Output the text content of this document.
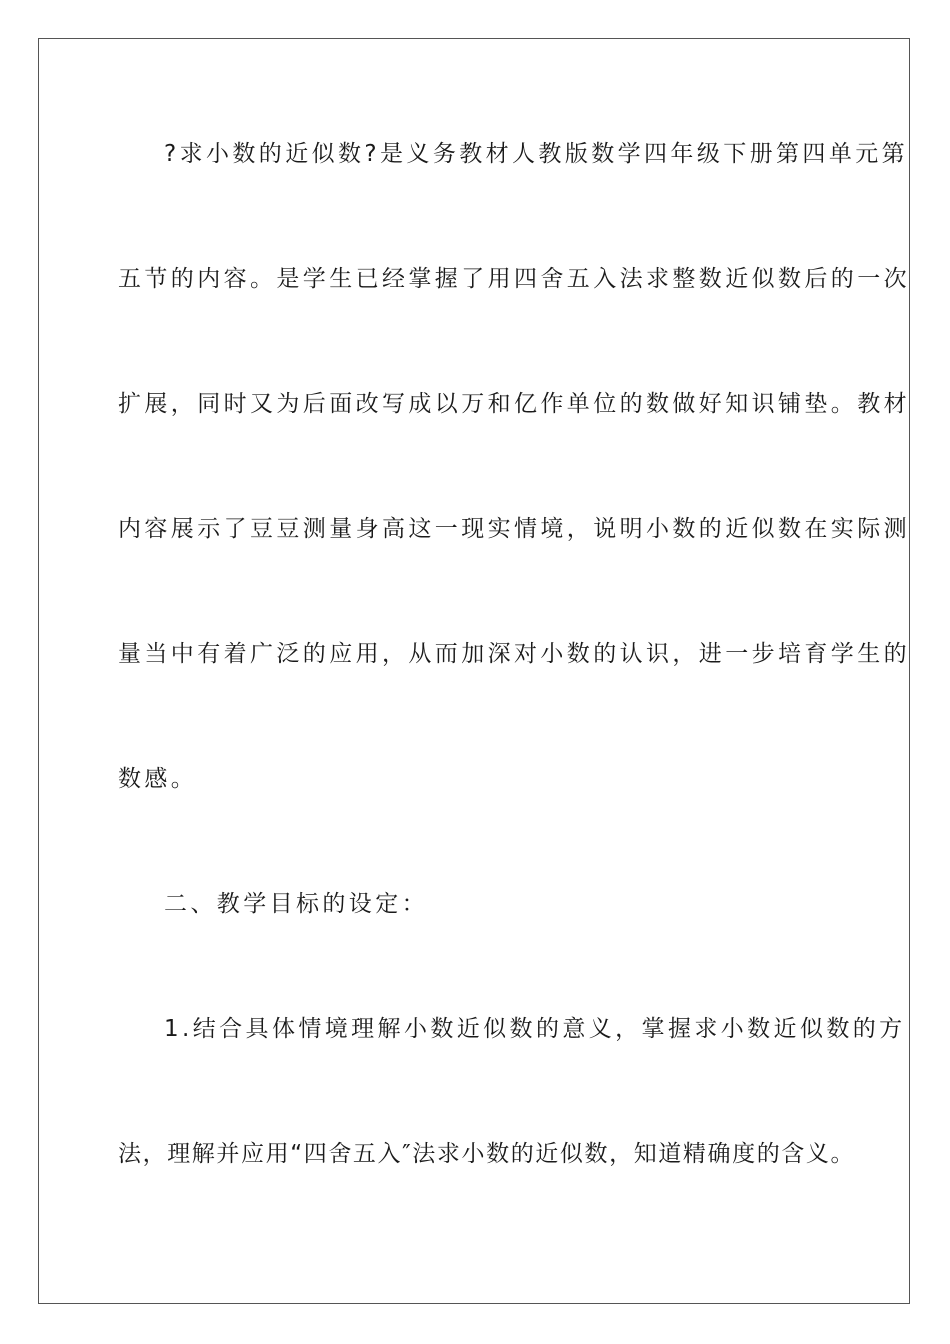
?求小数的近似数?是义务教材人教版数学四年级下册第四单元第
五节的内容。是学生已经掌握了用四舍五入法求整数近似数后的一次
扩展，同时又为后面改写成以万和亿作单位的数做好知识铺垫。教材
内容展示了豆豆测量身高这一现实情境，说明小数的近似数在实际测
量当中有着广泛的应用，从而加深对小数的认识，进一步培育学生的
数感。
二、教学目标的设定：
1.结合具体情境理解小数近似数的意义，掌握求小数近似数的方
法，理解并应用“四舍五入″法求小数的近似数，知道精确度的含义。
